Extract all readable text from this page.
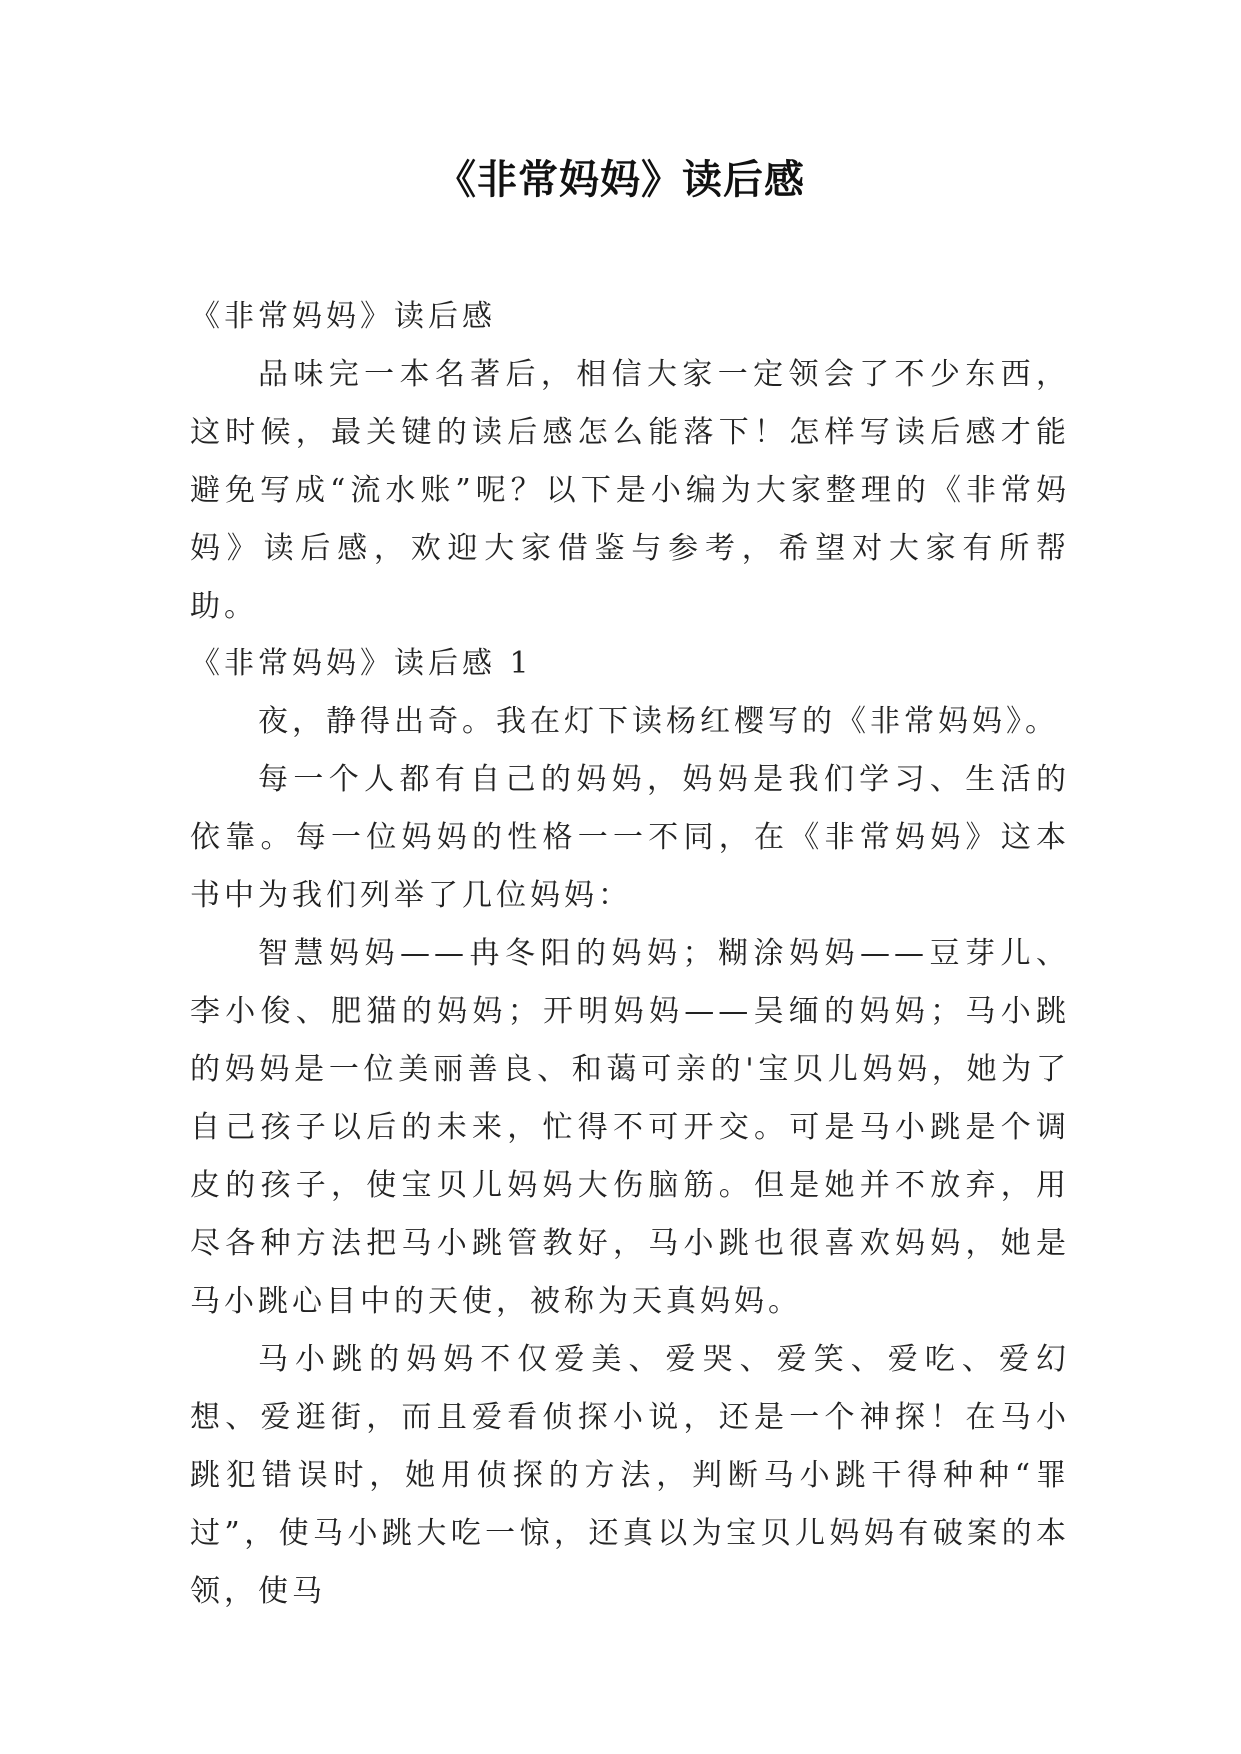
《非常妈妈》读后感

《非常妈妈》读后感

品味完一本名著后，相信大家一定领会了不少东西，这时候，最关键的读后感怎么能落下！怎样写读后感才能避免写成“流水账”呢？以下是小编为大家整理的《非常妈妈》读后感，欢迎大家借鉴与参考，希望对大家有所帮助。

《非常妈妈》读后感 1

夜，静得出奇。我在灯下读杨红樱写的《非常妈妈》。

每一个人都有自己的妈妈，妈妈是我们学习、生活的依靠。每一位妈妈的性格一一不同，在《非常妈妈》这本书中为我们列举了几位妈妈：

智慧妈妈——冉冬阳的妈妈；糊涂妈妈——豆芽儿、李小俊、肥猫的妈妈；开明妈妈——吴缅的妈妈；马小跳的妈妈是一位美丽善良、和蔼可亲的'宝贝儿妈妈，她为了自己孩子以后的未来，忙得不可开交。可是马小跳是个调皮的孩子，使宝贝儿妈妈大伤脑筋。但是她并不放弃，用尽各种方法把马小跳管教好，马小跳也很喜欢妈妈，她是马小跳心目中的天使，被称为天真妈妈。

马小跳的妈妈不仅爱美、爱哭、爱笑、爱吃、爱幻想、爱逛街，而且爱看侦探小说，还是一个神探！在马小跳犯错误时，她用侦探的方法，判断马小跳干得种种“罪过”，使马小跳大吃一惊，还真以为宝贝儿妈妈有破案的本领，使马
